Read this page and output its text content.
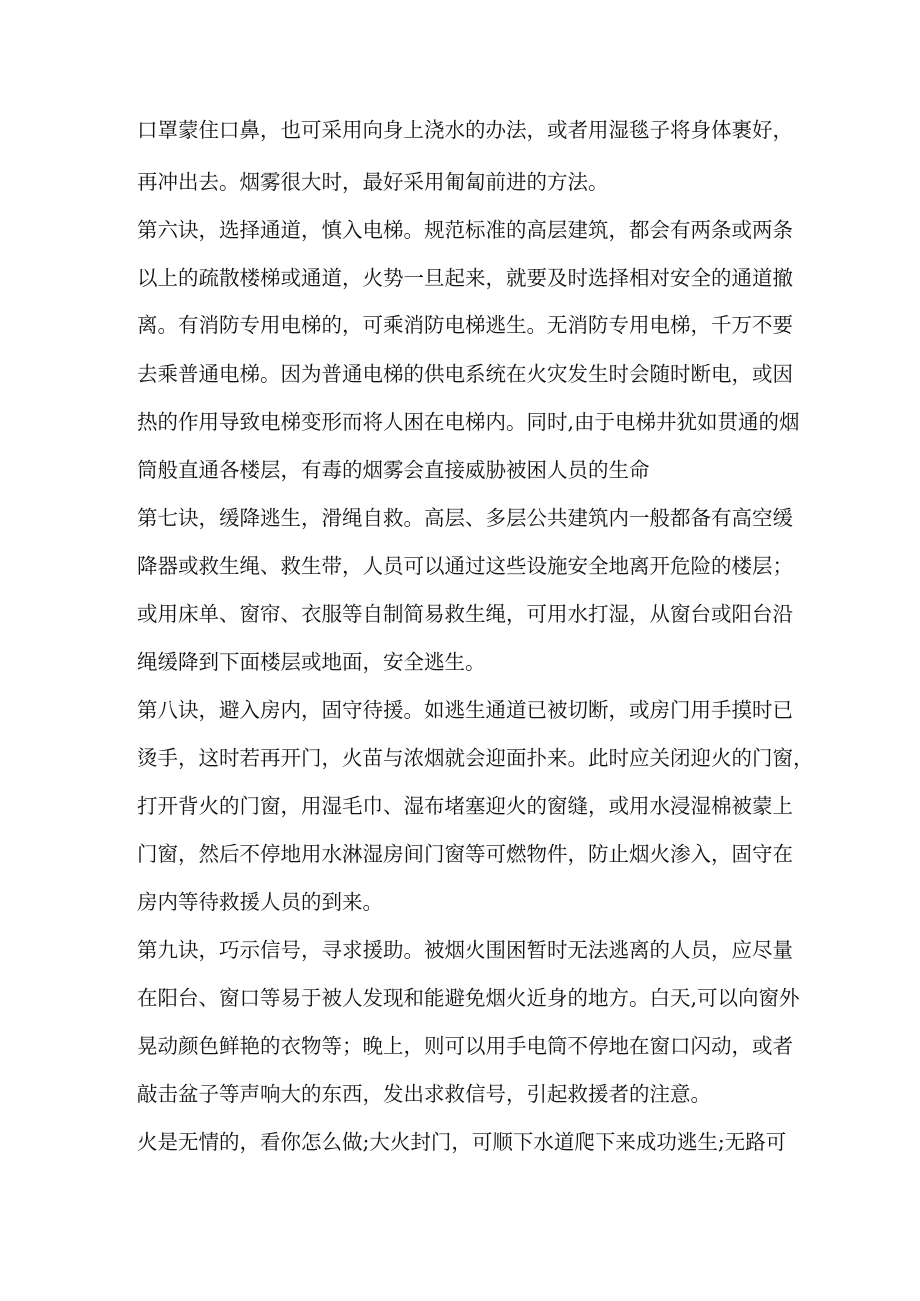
口罩蒙住口鼻，也可采用向身上浇水的办法，或者用湿毯子将身体裹好，
再冲出去。烟雾很大时，最好采用匍匐前进的方法。
第六诀，选择通道，慎入电梯。规范标准的高层建筑，都会有两条或两条
以上的疏散楼梯或通道，火势一旦起来，就要及时选择相对安全的通道撤
离。有消防专用电梯的，可乘消防电梯逃生。无消防专用电梯，千万不要
去乘普通电梯。因为普通电梯的供电系统在火灾发生时会随时断电，或因
热的作用导致电梯变形而将人困在电梯内。同时,由于电梯井犹如贯通的烟
筒般直通各楼层，有毒的烟雾会直接威胁被困人员的生命
第七诀，缓降逃生，滑绳自救。高层、多层公共建筑内一般都备有高空缓
降器或救生绳、救生带，人员可以通过这些设施安全地离开危险的楼层；
或用床单、窗帘、衣服等自制简易救生绳，可用水打湿，从窗台或阳台沿
绳缓降到下面楼层或地面，安全逃生。
第八诀，避入房内，固守待援。如逃生通道已被切断，或房门用手摸时已
烫手，这时若再开门，火苗与浓烟就会迎面扑来。此时应关闭迎火的门窗，
打开背火的门窗，用湿毛巾、湿布堵塞迎火的窗缝，或用水浸湿棉被蒙上
门窗，然后不停地用水淋湿房间门窗等可燃物件，防止烟火渗入，固守在
房内等待救援人员的到来。
第九诀，巧示信号，寻求援助。被烟火围困暂时无法逃离的人员，应尽量
在阳台、窗口等易于被人发现和能避免烟火近身的地方。白天,可以向窗外
晃动颜色鲜艳的衣物等；晚上，则可以用手电筒不停地在窗口闪动，或者
敲击盆子等声响大的东西，发出求救信号，引起救援者的注意。
火是无情的，看你怎么做;大火封门，可顺下水道爬下来成功逃生;无路可
